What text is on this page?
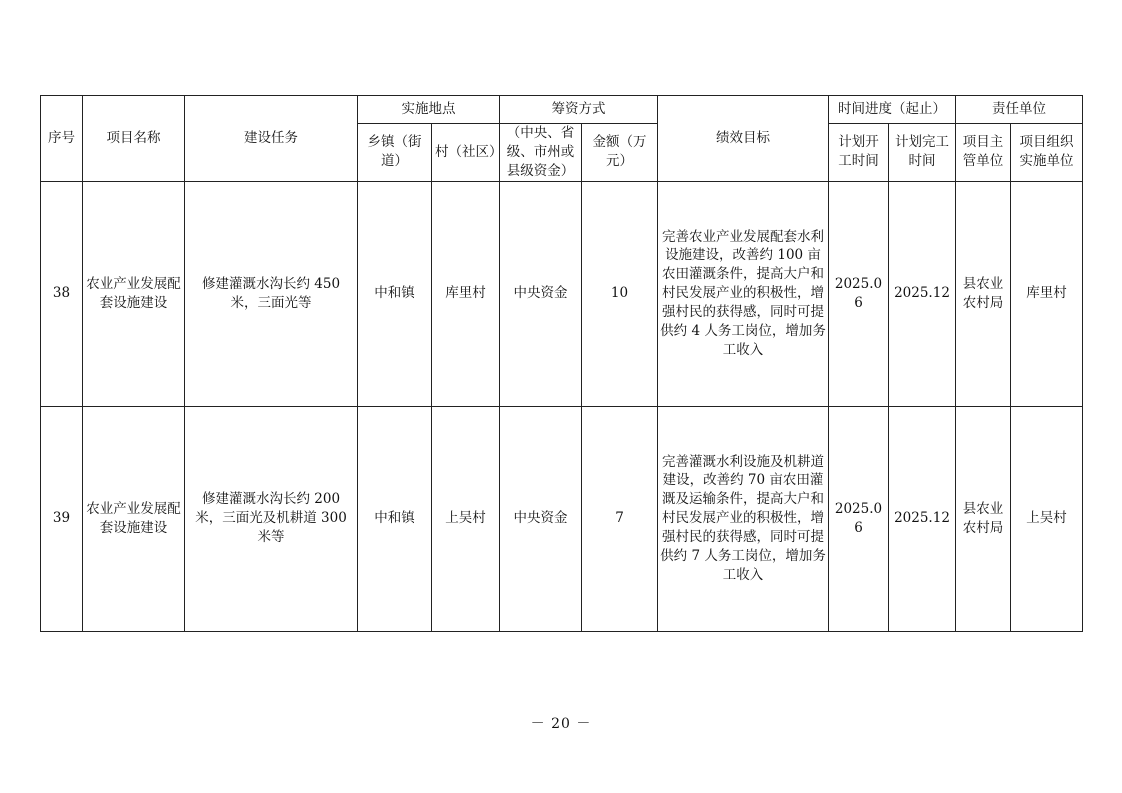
序号	项目名称	建设任务	实施地点		筹资方式		绩效目标	时间进度（起止）		责任单位	
			乡镇（街道）	村（社区）	（中央、省级、市州或县级资金）	金额（万元）		计划开工时间	计划完工时间	项目主管单位	项目组织实施单位
38	农业产业发展配套设施建设	修建灌溉水沟长约 450 米，三面光等	中和镇	库里村	中央资金	10	完善农业产业发展配套水利设施建设，改善约 100 亩农田灌溉条件，提高大户和村民发展产业的积极性，增强村民的获得感，同时可提供约 4 人务工岗位，增加务工收入	2025.06	2025.12	县农业农村局	库里村
39	农业产业发展配套设施建设	修建灌溉水沟长约 200 米，三面光及机耕道 300 米等	中和镇	上吴村	中央资金	7	完善灌溉水利设施及机耕道建设，改善约 70 亩农田灌溉及运输条件，提高大户和村民发展产业的积极性，增强村民的获得感，同时可提供约 7 人务工岗位，增加务工收入	2025.06	2025.12	县农业农村局	上吴村
－ 20 －
